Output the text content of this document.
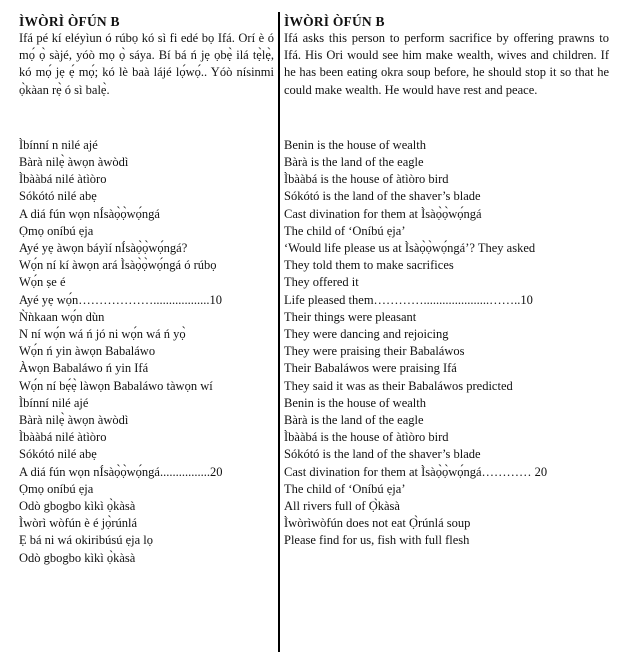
ÌWÒRÌ ÒFÚN B
Ifá pé kí eléyìun ó rúbọ kó sì fi edé bọ Ifá. Orí è ó mọ́ ọ̀ sàjé, yóò mọ ọ̀ sáya. Bí bá ń jẹ ọbẹ̀ ilá tẹ̀lẹ̀, kó mọ́ jẹ ẹ́ mọ́; kó lè baà lájé lọ́wọ́.. Yóò nísinmi ọ̀kàan rẹ̀ ó sì balẹ̀.
Ìbínní n nilé ajé
Bàrà nilẹ̀ àwọn àwòdì
Ìbààbá nilé àtìòro
Sókótó nilé abẹ
A diá fún wọn nÍsàọ̀ọ̀wọ́ngá
Ọmọ oníbú ẹja
Ayé yẹ àwọn báyìí nÍsàọ̀ọ̀wọ́ngá?
Wọ́n ní kí àwọn ará Ìsàọ̀ọ̀wọ́ngá ó rúbọ
Wọ́n ṣe é
Ayé yẹ wọ́n………………..................10
Ǹǹkaan wọ́n dùn
N ní wọ́n wá ń jó ni wọ́n wá ń yọ̀
Wọ́n ń yin àwọn Babaláwo
Àwọn Babaláwo ń yin Ifá
Wọ́n ní bẹ́ẹ̀ làwọn Babaláwo tàwọn wí
Ìbínní nilé ajé
Bàrà nilẹ̀ àwọn àwòdì
Ìbààbá nilé àtìòro
Sókótó nilé abẹ
A diá fún wọn nÍsàọ̀ọ̀wọ́ngá................20
Ọmọ oníbú ẹja
Odò gbogbo kìkì ọ̀kàsà
Ìwòrì wòfún è é jọ̀rúnlá
Ẹ bá ni wá okiribúsú ẹja lọ
Odò gbogbo kìkì ọ̀kàsà
ÌWÒRÌ ÒFÚN B
Ifá asks this person to perform sacrifice by offering prawns to Ifá. His Ori would see him make wealth, wives and children. If he has been eating okra soup before, he should stop it so that he could make wealth. He would have rest and peace.
Benin is the house of wealth
Bàrà is the land of the eagle
Ìbààbá is the house of àtìòro bird
Sókótó is the land of the shaver’s blade
Cast divination for them at Ìsàọ̀ọ̀wọ́ngá
The child of ‘Oníbú ẹja’
‘Would life please us at Ìsàọ̀ọ̀wọ́ngá’? They asked
They told them to make sacrifices
They offered it
Life pleased them………….....................……..10
Their things were pleasant
They were dancing and rejoicing
They were praising their Babaláwos
Their Babaláwos were praising Ifá
They said it was as their Babaláwos predicted
Benin is the house of wealth
Bàrà is the land of the eagle
Ìbààbá is the house of àtìòro bird
Sókótó is the land of the shaver’s blade
Cast divination for them at Ìsàọ̀ọ̀wọ́ngá………… 20
The child of ‘Oníbú ẹja’
All rivers full of Ọ̀kàsà
Ìwòrìwòfún does not eat Ọ̀rúnlá soup
Please find for us, fish with full flesh
